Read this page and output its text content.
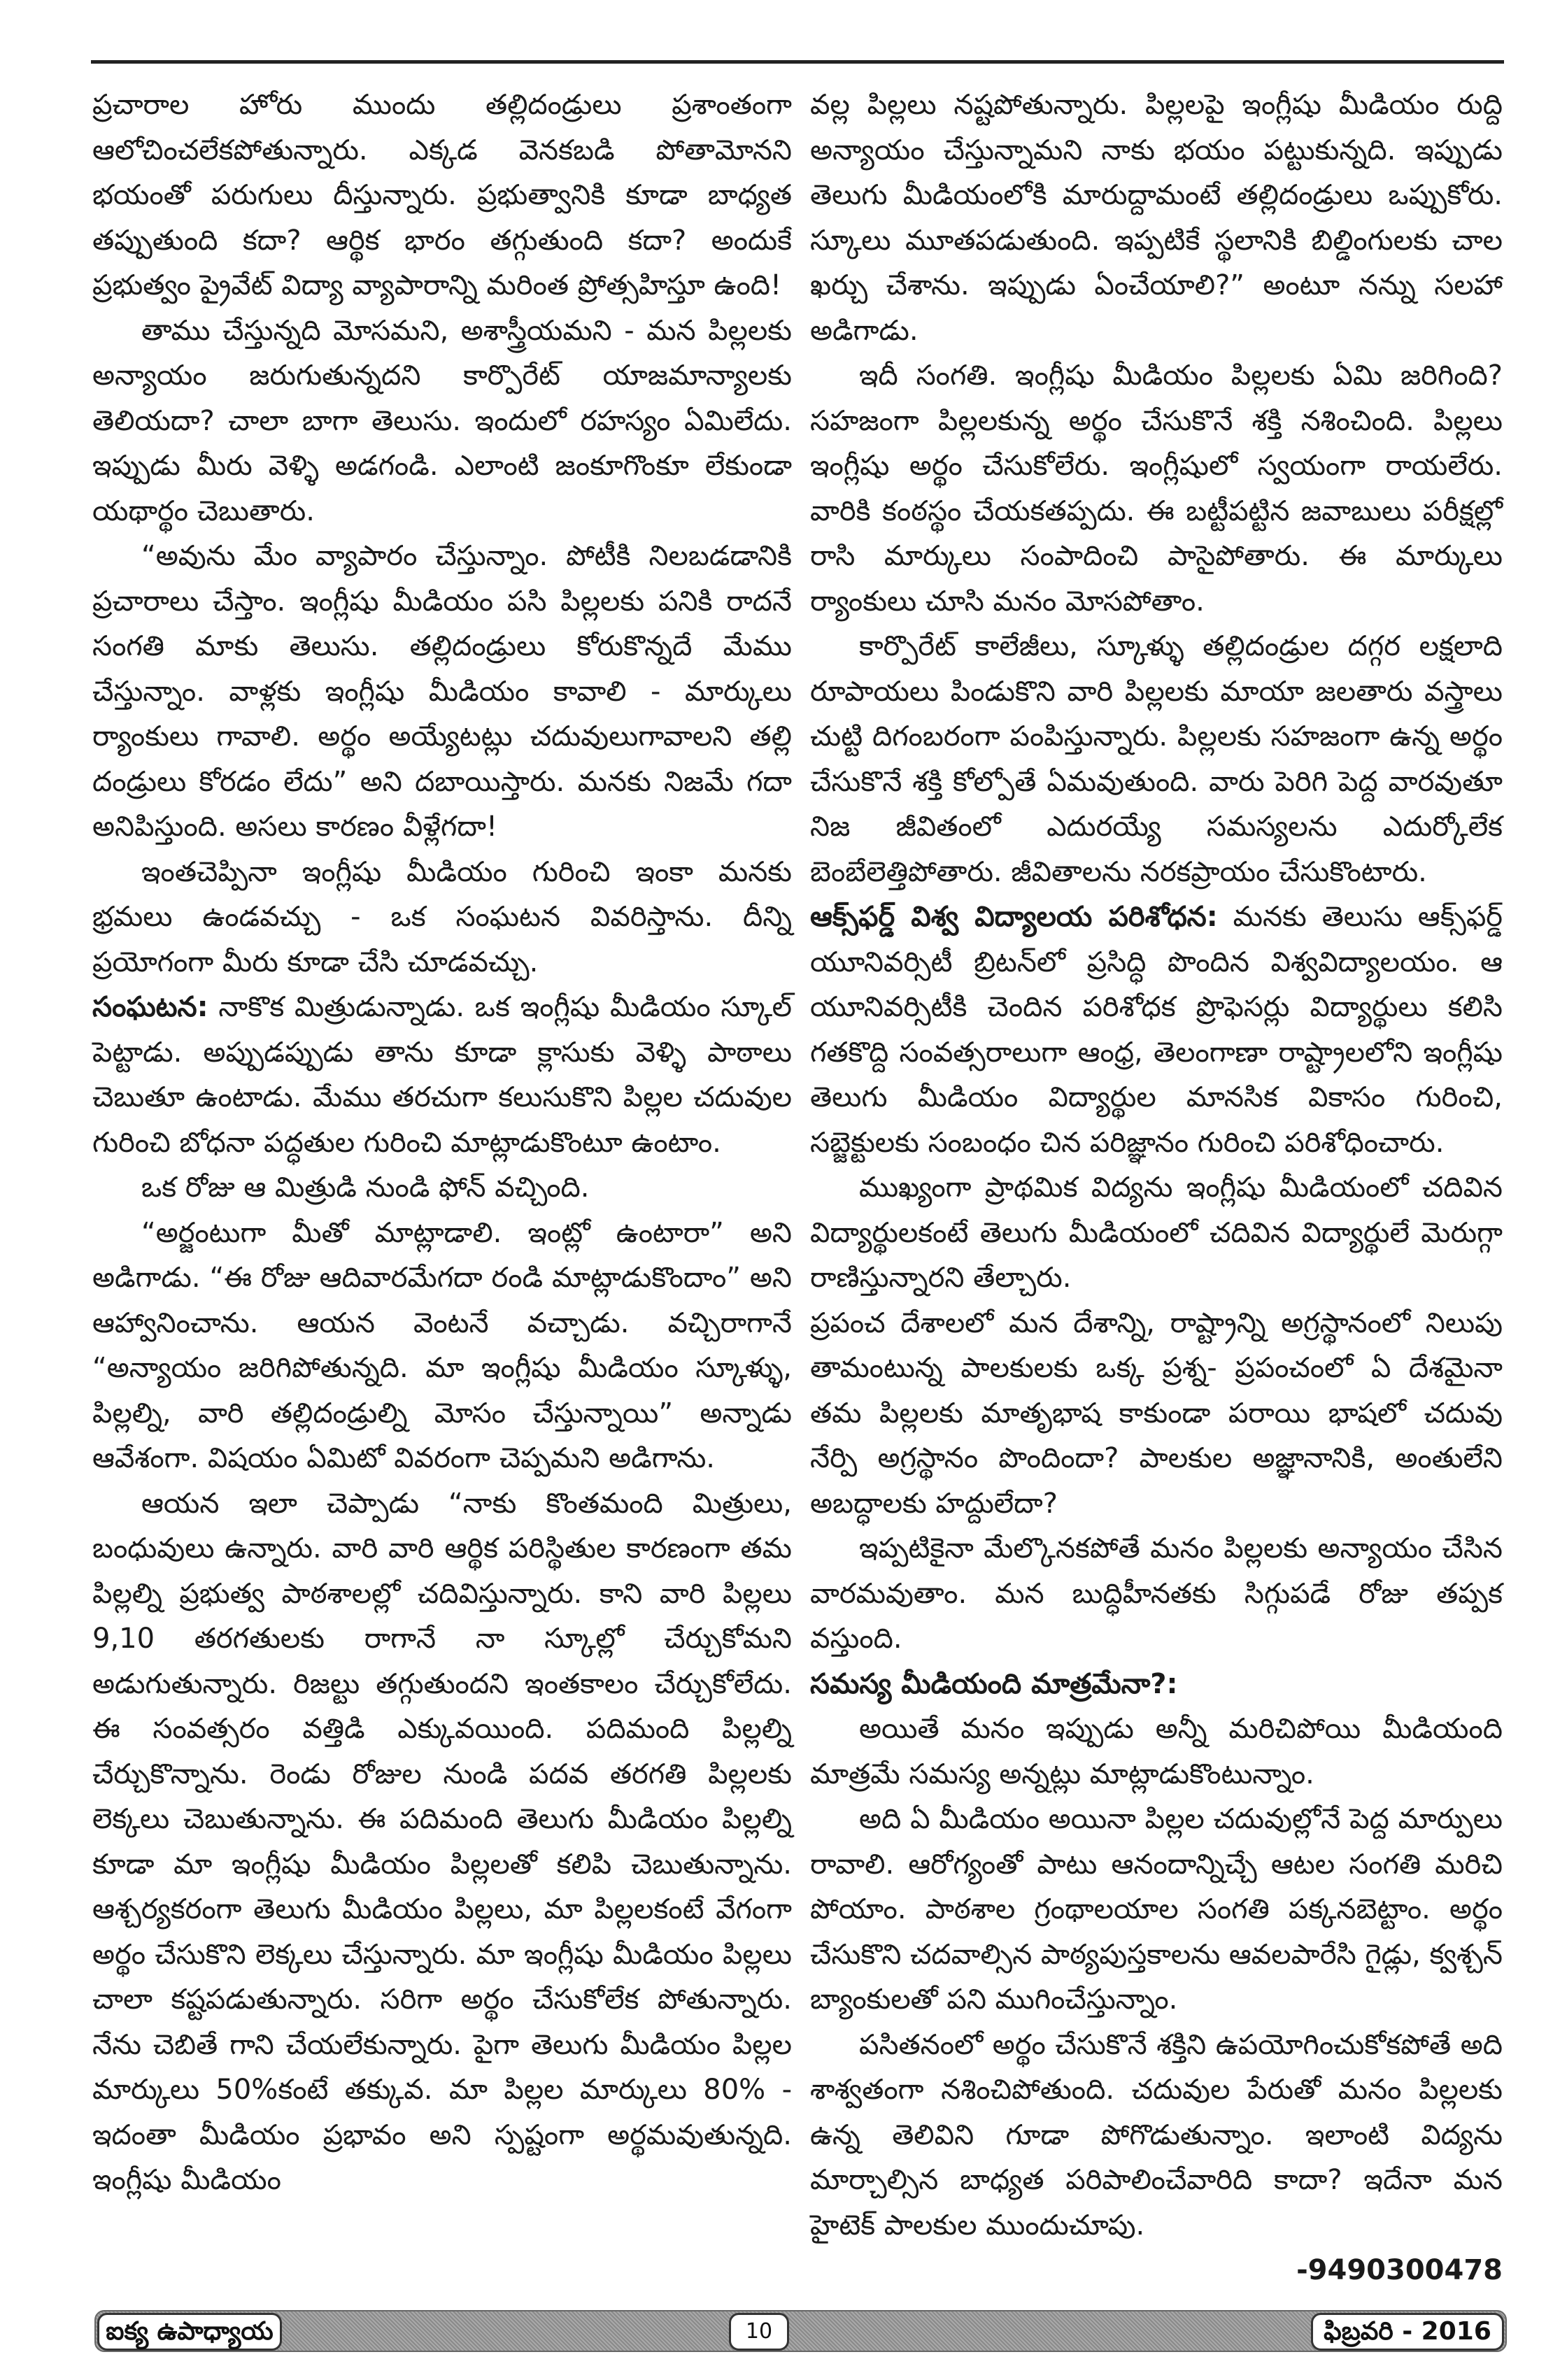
ప్రచారాల హోరు ముందు తల్లిదండ్రులు ప్రశాంతంగా ఆలోచించలేకపోతున్నారు. ఎక్కడ వెనకబడి పోతామోనని భయంతో పరుగులు దీస్తున్నారు. ప్రభుత్వానికి కూడా బాధ్యత తప్పుతుంది కదా? ఆర్థిక భారం తగ్గుతుంది కదా? అందుకే ప్రభుత్వం ప్రైవేట్ విద్యా వ్యాపారాన్ని మరింత ప్రోత్సహిస్తూ ఉంది!

తాము చేస్తున్నది మోసమని, అశాస్త్రీయమని - మన పిల్లలకు అన్యాయం జరుగుతున్నదని కార్పొరేట్ యాజమాన్యాలకు తెలియదా? చాలా బాగా తెలుసు. ఇందులో రహస్యం ఏమిలేదు. ఇప్పుడు మీరు వెళ్ళి అడగండి. ఎలాంటి జంకూగొంకూ లేకుండా యథార్థం చెబుతారు.

“అవును మేం వ్యాపారం చేస్తున్నాం. పోటీకి నిలబడడానికి ప్రచారాలు చేస్తాం. ఇంగ్లీషు మీడియం పసి పిల్లలకు పనికి రాదనే సంగతి మాకు తెలుసు. తల్లిదండ్రులు కోరుకొన్నదే మేము చేస్తున్నాం. వాళ్లకు ఇంగ్లీషు మీడియం కావాలి - మార్కులు ర్యాంకులు గావాలి. అర్థం అయ్యేటట్లు చదువులుగావాలని తల్లి దండ్రులు కోరడం లేదు” అని దబాయిస్తారు. మనకు నిజమే గదా అనిపిస్తుంది. అసలు కారణం వీళ్లేగదా!

ఇంతచెప్పినా ఇంగ్లీషు మీడియం గురించి ఇంకా మనకు భ్రమలు ఉండవచ్చు - ఒక సంఘటన వివరిస్తాను. దీన్ని ప్రయోగంగా మీరు కూడా చేసి చూడవచ్చు.

సంఘటన: నాకొక మిత్రుడున్నాడు. ఒక ఇంగ్లీషు మీడియం స్కూల్ పెట్టాడు. అప్పుడప్పుడు తాను కూడా క్లాసుకు వెళ్ళి పాఠాలు చెబుతూ ఉంటాడు. మేము తరచుగా కలుసుకొని పిల్లల చదువుల గురించి బోధనా పద్ధతుల గురించి మాట్లాడుకొంటూ ఉంటాం.

ఒక రోజు ఆ మిత్రుడి నుండి ఫోన్ వచ్చింది.

“అర్జంటుగా మీతో మాట్లాడాలి. ఇంట్లో ఉంటారా” అని అడిగాడు. “ఈ రోజు ఆదివారమేగదా రండి మాట్లాడుకొందాం” అని ఆహ్వానించాను. ఆయన వెంటనే వచ్చాడు. వచ్చిరాగానే “అన్యాయం జరిగిపోతున్నది. మా ఇంగ్లీషు మీడియం స్కూళ్ళు, పిల్లల్ని, వారి తల్లిదండ్రుల్ని మోసం చేస్తున్నాయి” అన్నాడు ఆవేశంగా. విషయం ఏమిటో వివరంగా చెప్పమని అడిగాను.

ఆయన ఇలా చెప్పాడు “నాకు కొంతమంది మిత్రులు, బంధువులు ఉన్నారు. వారి వారి ఆర్థిక పరిస్థితుల కారణంగా తమ పిల్లల్ని ప్రభుత్వ పాఠశాలల్లో చదివిస్తున్నారు. కాని వారి పిల్లలు 9,10 తరగతులకు రాగానే నా స్కూల్లో చేర్చుకోమని అడుగుతున్నారు. రిజల్టు తగ్గుతుందని ఇంతకాలం చేర్చుకోలేదు. ఈ సంవత్సరం వత్తిడి ఎక్కువయింది. పదిమంది పిల్లల్ని చేర్చుకొన్నాను. రెండు రోజుల నుండి పదవ తరగతి పిల్లలకు లెక్కలు చెబుతున్నాను. ఈ పదిమంది తెలుగు మీడియం పిల్లల్ని కూడా మా ఇంగ్లీషు మీడియం పిల్లలతో కలిపి చెబుతున్నాను. ఆశ్చర్యకరంగా తెలుగు మీడియం పిల్లలు, మా పిల్లలకంటే వేగంగా అర్థం చేసుకొని లెక్కలు చేస్తున్నారు. మా ఇంగ్లీషు మీడియం పిల్లలు చాలా కష్టపడుతున్నారు. సరిగా అర్థం చేసుకోలేక పోతున్నారు. నేను చెబితే గాని చేయలేకున్నారు. పైగా తెలుగు మీడియం పిల్లల మార్కులు 50%కంటే తక్కువ. మా పిల్లల మార్కులు 80% - ఇదంతా మీడియం ప్రభావం అని స్పష్టంగా అర్థమవుతున్నది. ఇంగ్లీషు మీడియం

వల్ల పిల్లలు నష్టపోతున్నారు. పిల్లలపై ఇంగ్లీషు మీడియం రుద్ది అన్యాయం చేస్తున్నామని నాకు భయం పట్టుకున్నది. ఇప్పుడు తెలుగు మీడియంలోకి మారుద్దామంటే తల్లిదండ్రులు ఒప్పుకోరు. స్కూలు మూతపడుతుంది. ఇప్పటికే స్థలానికి బిల్డింగులకు చాల ఖర్చు చేశాను. ఇప్పుడు ఏంచేయాలి?” అంటూ నన్ను సలహా అడిగాడు.

ఇదీ సంగతి. ఇంగ్లీషు మీడియం పిల్లలకు ఏమి జరిగింది? సహజంగా పిల్లలకున్న అర్థం చేసుకొనే శక్తి నశించింది. పిల్లలు ఇంగ్లీషు అర్థం చేసుకోలేరు. ఇంగ్లీషులో స్వయంగా రాయలేరు. వారికి కంఠస్థం చేయకతప్పదు. ఈ బట్టీపట్టిన జవాబులు పరీక్షల్లో రాసి మార్కులు సంపాదించి పాసైపోతారు. ఈ మార్కులు ర్యాంకులు చూసి మనం మోసపోతాం.

కార్పొరేట్ కాలేజీలు, స్కూళ్ళు తల్లిదండ్రుల దగ్గర లక్షలాది రూపాయలు పిండుకొని వారి పిల్లలకు మాయా జలతారు వస్త్రాలు చుట్టి దిగంబరంగా పంపిస్తున్నారు. పిల్లలకు సహజంగా ఉన్న అర్థం చేసుకొనే శక్తి కోల్పోతే ఏమవుతుంది. వారు పెరిగి పెద్ద వారవుతూ నిజ జీవితంలో ఎదురయ్యే సమస్యలను ఎదుర్కోలేక బెంబేలెత్తిపోతారు. జీవితాలను నరకప్రాయం చేసుకొంటారు.

ఆక్స్‌ఫర్డ్ విశ్వ విద్యాలయ పరిశోధన: మనకు తెలుసు ఆక్స్‌ఫర్డ్ యూనివర్సిటీ బ్రిటన్‌లో ప్రసిద్ధి పొందిన విశ్వవిద్యాలయం. ఆ యూనివర్సిటీకి చెందిన పరిశోధక ప్రొఫెసర్లు విద్యార్థులు కలిసి గతకొద్ది సంవత్సరాలుగా ఆంధ్ర, తెలంగాణా రాష్ట్రాలలోని ఇంగ్లీషు తెలుగు మీడియం విద్యార్థుల మానసిక వికాసం గురించి, సబ్జెక్టులకు సంబంధం చిన పరిజ్ఞానం గురించి పరిశోధించారు.

ముఖ్యంగా ప్రాథమిక విద్యను ఇంగ్లీషు మీడియంలో చదివిన విద్యార్థులకంటే తెలుగు మీడియంలో చదివిన విద్యార్థులే మెరుగ్గా రాణిస్తున్నారని తేల్చారు.

ప్రపంచ దేశాలలో మన దేశాన్ని, రాష్ట్రాన్ని అగ్రస్థానంలో నిలుపు తామంటున్న పాలకులకు ఒక్క ప్రశ్న- ప్రపంచంలో ఏ దేశమైనా తమ పిల్లలకు మాతృభాష కాకుండా పరాయి భాషలో చదువు నేర్పి అగ్రస్థానం పొందిందా? పాలకుల అజ్ఞానానికి, అంతులేని అబద్ధాలకు హద్దులేదా?

ఇప్పటికైనా మేల్కొనకపోతే మనం పిల్లలకు అన్యాయం చేసిన వారమవుతాం. మన బుద్ధిహీనతకు సిగ్గుపడే రోజు తప్పక వస్తుంది.

సమస్య మీడియంది మాత్రమేనా?:

అయితే మనం ఇప్పుడు అన్నీ మరిచిపోయి మీడియంది మాత్రమే సమస్య అన్నట్లు మాట్లాడుకొంటున్నాం.

అది ఏ మీడియం అయినా పిల్లల చదువుల్లోనే పెద్ద మార్పులు రావాలి. ఆరోగ్యంతో పాటు ఆనందాన్నిచ్చే ఆటల సంగతి మరిచి పోయాం. పాఠశాల గ్రంథాలయాల సంగతి పక్కనబెట్టాం. అర్థం చేసుకొని చదవాల్సిన పాఠ్యపుస్తకాలను ఆవలపారేసి గైడ్లు, క్వశ్చన్ బ్యాంకులతో పని ముగించేస్తున్నాం.

పసితనంలో అర్థం చేసుకొనే శక్తిని ఉపయోగించుకోకపోతే అది శాశ్వతంగా నశించిపోతుంది. చదువుల పేరుతో మనం పిల్లలకు ఉన్న తెలివిని గూడా పోగొడుతున్నాం. ఇలాంటి విద్యను మార్చాల్సిన బాధ్యత పరిపాలించేవారిది కాదా? ఇదేనా మన హైటెక్ పాలకుల ముందుచూపు.

-9490300478

ఐక్య ఉపాధ్యాయ	10	ఫిబ్రవరి - 2016
